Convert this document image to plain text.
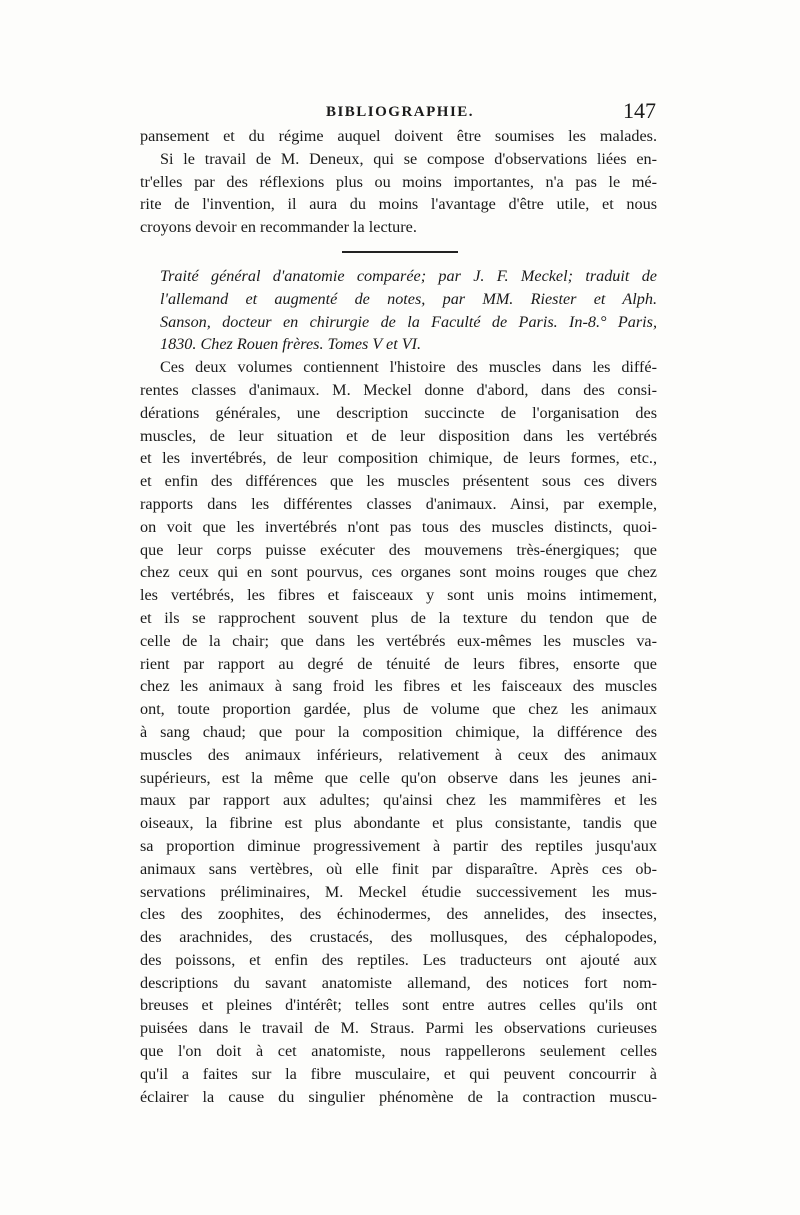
BIBLIOGRAPHIE.	147
pansement et du régime auquel doivent être soumises les malades.
Si le travail de M. Deneux, qui se compose d'observations liées en-
tr'elles par des réflexions plus ou moins importantes, n'a pas le mé-
rite de l'invention, il aura du moins l'avantage d'être utile, et nous
croyons devoir en recommander la lecture.
Traité général d'anatomie comparée; par J. F. Meckel; traduit de
l'allemand et augmenté de notes, par MM. Riester et Alph.
Sanson, docteur en chirurgie de la Faculté de Paris. In-8.° Paris,
1830. Chez Rouen frères. Tomes V et VI.
Ces deux volumes contiennent l'histoire des muscles dans les diffé-
rentes classes d'animaux. M. Meckel donne d'abord, dans des consi-
dérations générales, une description succincte de l'organisation des
muscles, de leur situation et de leur disposition dans les vertébrés
et les invertébrés, de leur composition chimique, de leurs formes, etc.,
et enfin des différences que les muscles présentent sous ces divers
rapports dans les différentes classes d'animaux. Ainsi, par exemple,
on voit que les invertébrés n'ont pas tous des muscles distincts, quoi-
que leur corps puisse exécuter des mouvemens très-énergiques; que
chez ceux qui en sont pourvus, ces organes sont moins rouges que chez
les vertébrés, les fibres et faisceaux y sont unis moins intimement,
et ils se rapprochent souvent plus de la texture du tendon que de
celle de la chair; que dans les vertébrés eux-mêmes les muscles va-
rient par rapport au degré de ténuité de leurs fibres, ensorte que
chez les animaux à sang froid les fibres et les faisceaux des muscles
ont, toute proportion gardée, plus de volume que chez les animaux
à sang chaud; que pour la composition chimique, la différence des
muscles des animaux inférieurs, relativement à ceux des animaux
supérieurs, est la même que celle qu'on observe dans les jeunes ani-
maux par rapport aux adultes; qu'ainsi chez les mammifères et les
oiseaux, la fibrine est plus abondante et plus consistante, tandis que
sa proportion diminue progressivement à partir des reptiles jusqu'aux
animaux sans vertèbres, où elle finit par disparaître. Après ces ob-
servations préliminaires, M. Meckel étudie successivement les mus-
cles des zoophites, des échinodermes, des annelides, des insectes,
des arachnides, des crustacés, des mollusques, des céphalopodes,
des poissons, et enfin des reptiles. Les traducteurs ont ajouté aux
descriptions du savant anatomiste allemand, des notices fort nom-
breuses et pleines d'intérêt; telles sont entre autres celles qu'ils ont
puisées dans le travail de M. Straus. Parmi les observations curieuses
que l'on doit à cet anatomiste, nous rappellerons seulement celles
qu'il a faites sur la fibre musculaire, et qui peuvent concourrir à
éclairer la cause du singulier phénomène de la contraction muscu-
